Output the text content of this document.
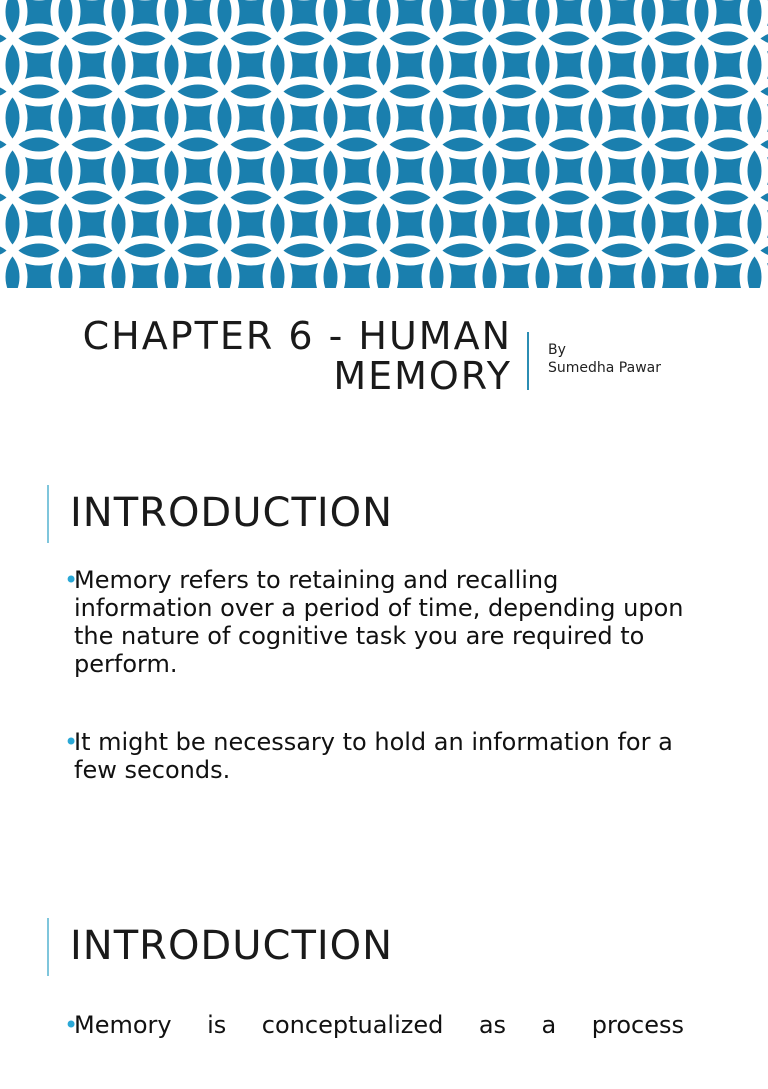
CHAPTER 6 - HUMAN
MEMORY
By
Sumedha Pawar
INTRODUCTION
•
Memory refers to retaining and recalling information over a period of time, depending upon the nature of cognitive task you are required to perform.
•
It might be necessary to hold an information for a few seconds.
INTRODUCTION
•
Memory is conceptualized as a process
